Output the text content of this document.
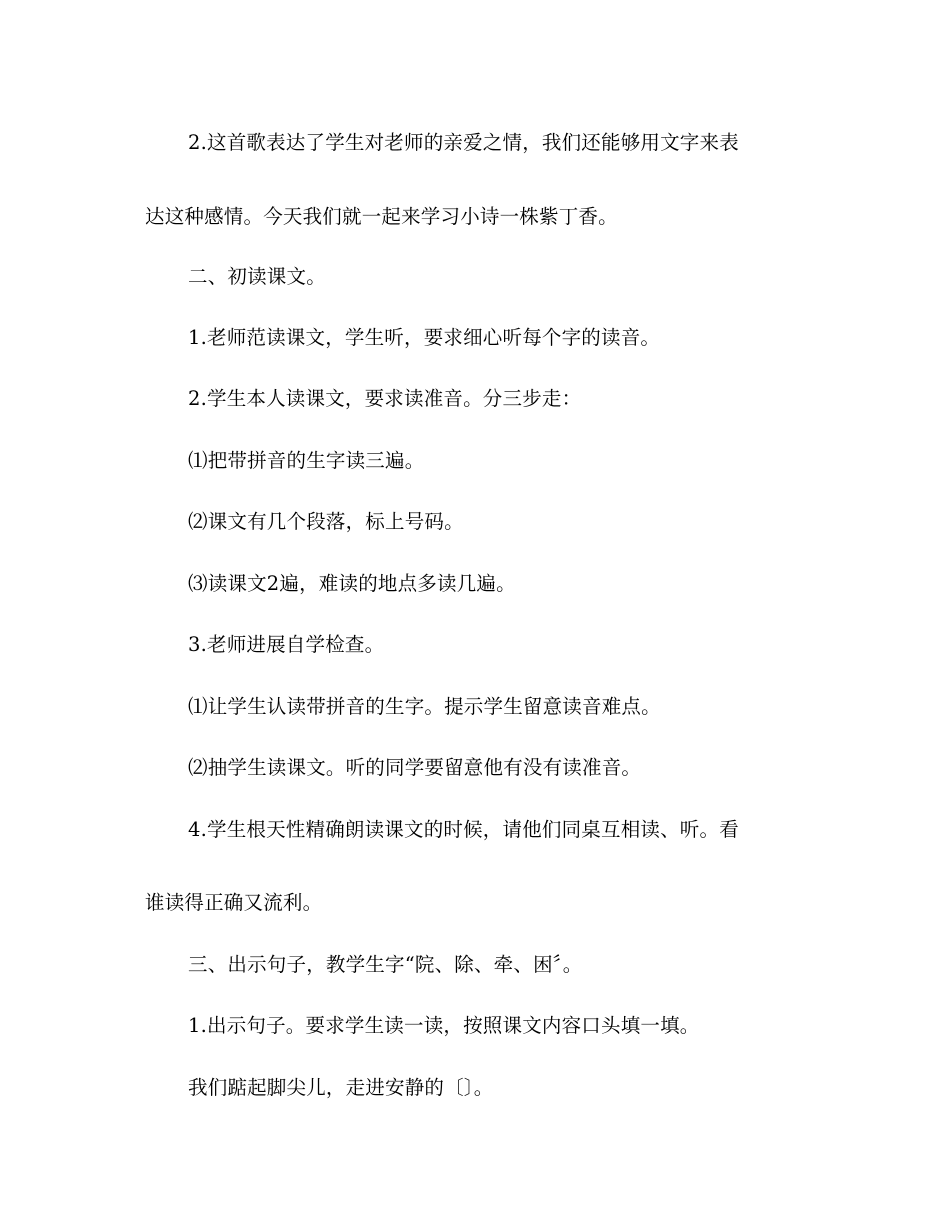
2.这首歌表达了学生对老师的亲爱之情，我们还能够用文字来表
达这种感情。今天我们就一起来学习小诗一株紫丁香。
二、初读课文。
1.老师范读课文，学生听，要求细心听每个字的读音。
2.学生本人读课文，要求读准音。分三步走：
⑴把带拼音的生字读三遍。
⑵课文有几个段落，标上号码。
⑶读课文2遍，难读的地点多读几遍。
3.老师进展自学检查。
⑴让学生认读带拼音的生字。提示学生留意读音难点。
⑵抽学生读课文。听的同学要留意他有没有读准音。
4.学生根天性精确朗读课文的时候，请他们同桌互相读、听。看
谁读得正确又流利。
三、出示句子，教学生字“院、除、牵、困〞。
1.出示句子。要求学生读一读，按照课文内容口头填一填。
我们踮起脚尖儿，走进安静的〔〕。
